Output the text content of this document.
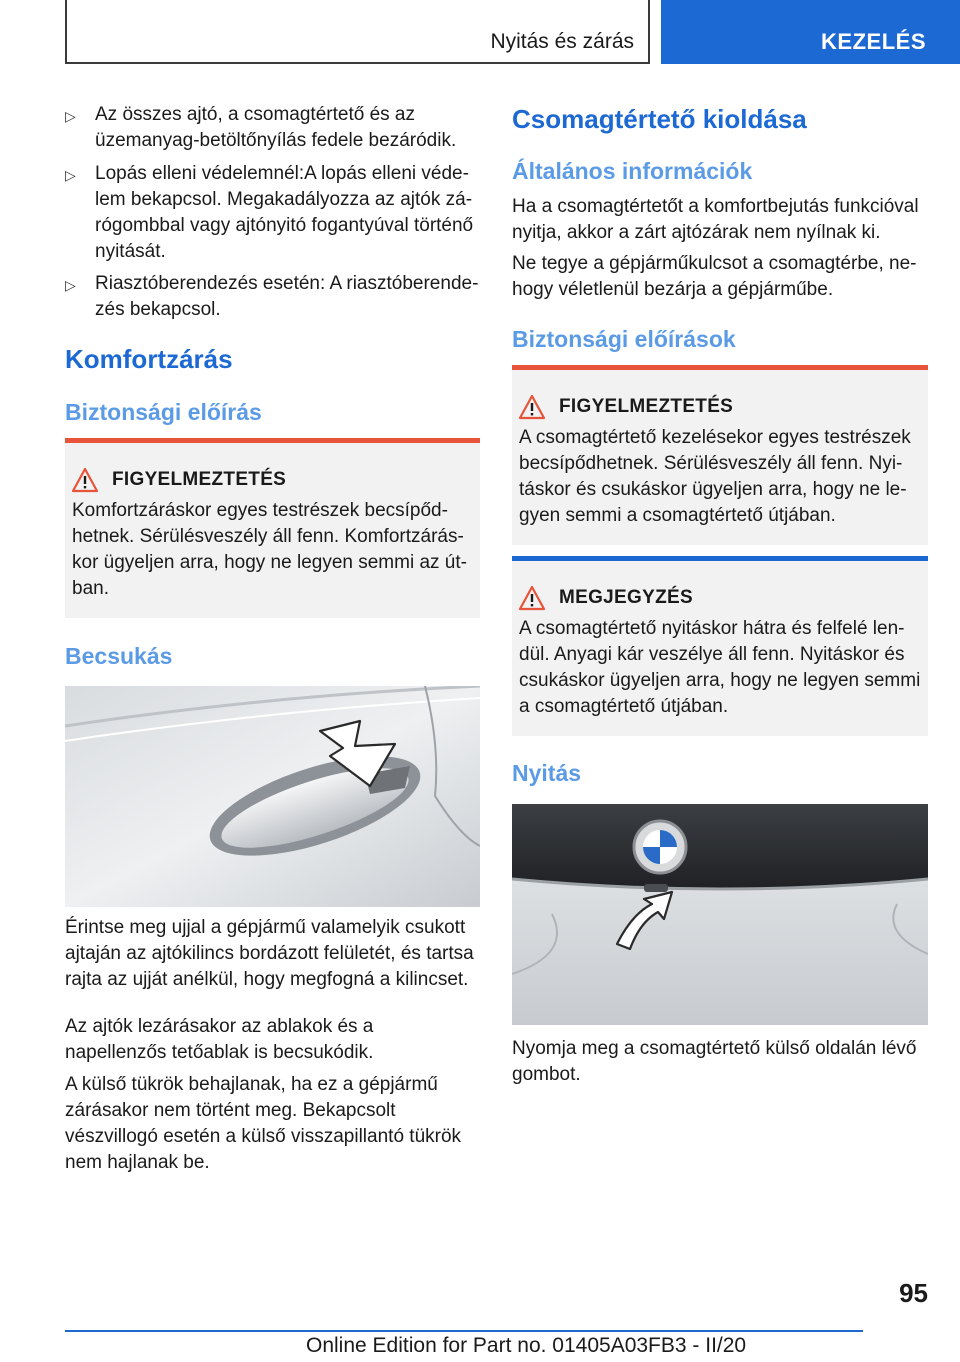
Nyitás és zárás	KEZELÉS
▷ Az összes ajtó, a csomagtértető és az üzemanyag-betöltőnyílás fedele bezáródik.
▷ Lopás elleni védelemnél:A lopás elleni védelem bekapcsol. Megakadályozza az ajtók zárógombbal vagy ajtónyitó fogantyúval történő nyitását.
▷ Riasztóberendezés esetén: A riasztóberendezés bekapcsol.
Komfortzárás
Biztonsági előírás
FIGYELMEZTETÉS
Komfortzáráskor egyes testrészek becsípődhetnek. Sérülésveszély áll fenn. Komfortzáráskor ügyeljen arra, hogy ne legyen semmi az útban.
Becsukás
Érintse meg ujjal a gépjármű valamelyik csukott ajtaján az ajtókilincs bordázott felületét, és tartsa rajta az ujját anélkül, hogy megfogná a kilincset.
Az ajtók lezárásakor az ablakok és a napellenzős tetőablak is becsukódik.
A külső tükrök behajlanak, ha ez a gépjármű zárásakor nem történt meg. Bekapcsolt vészvillogó esetén a külső visszapillantó tükrök nem hajlanak be.
Csomagtértető kioldása
Általános információk
Ha a csomagtértetőt a komfortbejutás funkcióval nyitja, akkor a zárt ajtózárak nem nyílnak ki.
Ne tegye a gépjárműkulcsot a csomagtérbe, nehogy véletlenül bezárja a gépjárműbe.
Biztonsági előírások
FIGYELMEZTETÉS
A csomagtértető kezelésekor egyes testrészek becsípődhetnek. Sérülésveszély áll fenn. Nyitáskor és csukáskor ügyeljen arra, hogy ne legyen semmi a csomagtértető útjában.
MEGJEGYZÉS
A csomagtértető nyitáskor hátra és felfelé lendül. Anyagi kár veszélye áll fenn. Nyitáskor és csukáskor ügyeljen arra, hogy ne legyen semmi a csomagtértető útjában.
Nyitás
Nyomja meg a csomagtértető külső oldalán lévő gombot.
95
Online Edition for Part no. 01405A03FB3 - II/20
